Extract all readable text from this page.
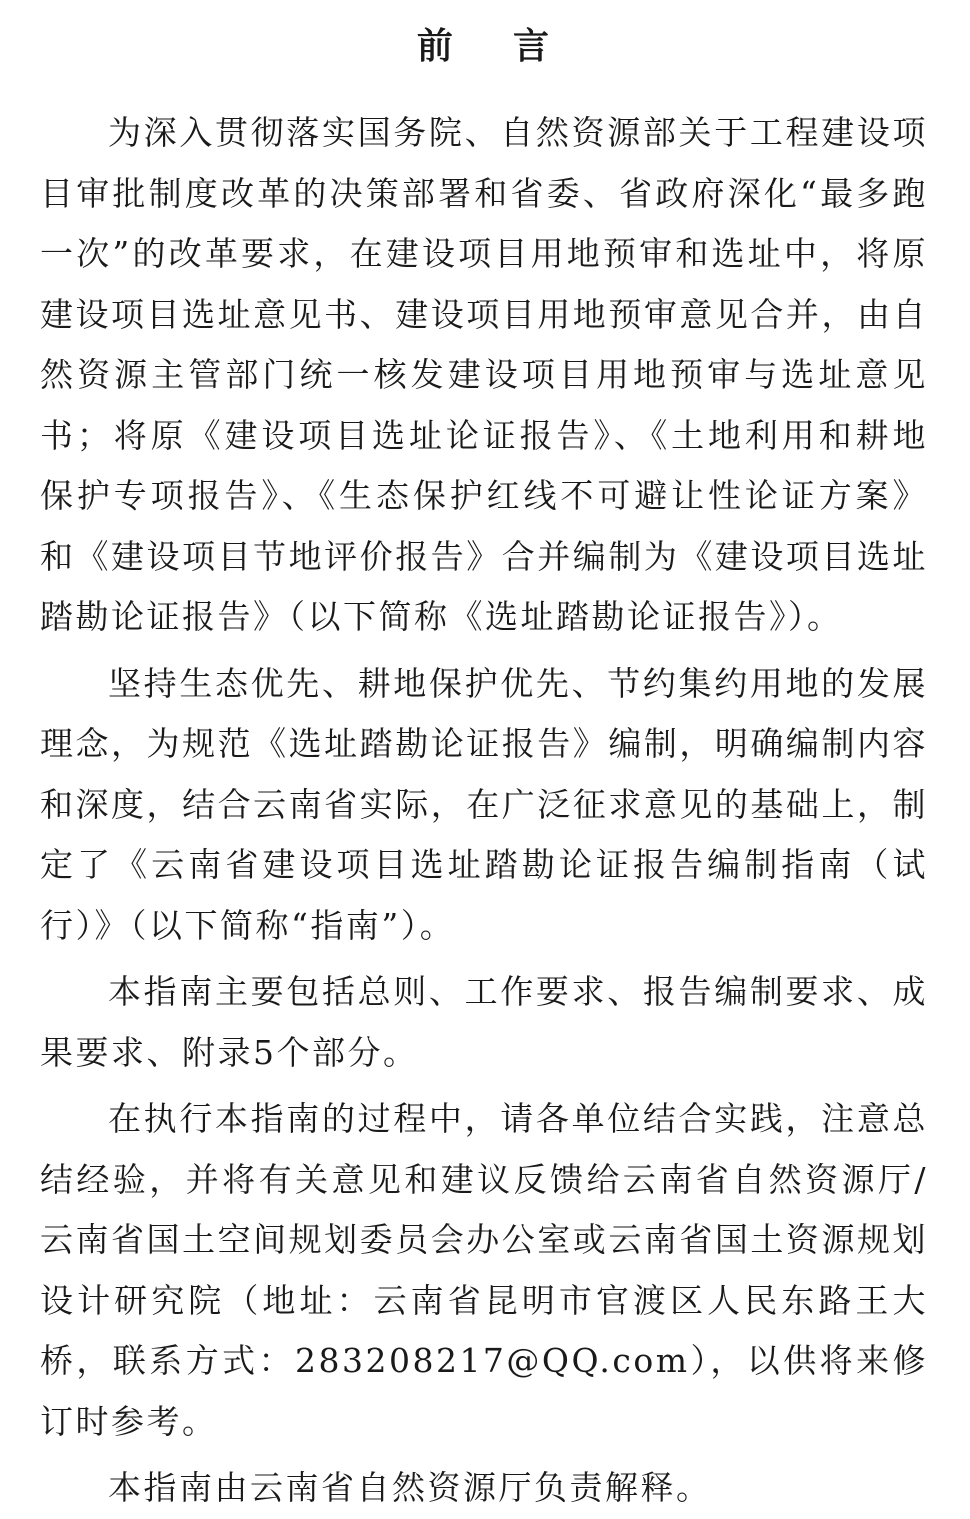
前    言

为深入贯彻落实国务院、自然资源部关于工程建设项目审批制度改革的决策部署和省委、省政府深化“最多跑一次”的改革要求，在建设项目用地预审和选址中，将原建设项目选址意见书、建设项目用地预审意见合并，由自然资源主管部门统一核发建设项目用地预审与选址意见书；将原《建设项目选址论证报告》、《土地利用和耕地保护专项报告》、《生态保护红线不可避让性论证方案》和《建设项目节地评价报告》合并编制为《建设项目选址踏勘论证报告》（以下简称《选址踏勘论证报告》）。

坚持生态优先、耕地保护优先、节约集约用地的发展理念，为规范《选址踏勘论证报告》编制，明确编制内容和深度，结合云南省实际，在广泛征求意见的基础上，制定了《云南省建设项目选址踏勘论证报告编制指南（试行）》（以下简称“指南”）。

本指南主要包括总则、工作要求、报告编制要求、成果要求、附录5个部分。

在执行本指南的过程中，请各单位结合实践，注意总结经验，并将有关意见和建议反馈给云南省自然资源厅/云南省国土空间规划委员会办公室或云南省国土资源规划设计研究院（地址：云南省昆明市官渡区人民东路王大桥，联系方式：283208217@QQ.com），以供将来修订时参考。

本指南由云南省自然资源厅负责解释。
